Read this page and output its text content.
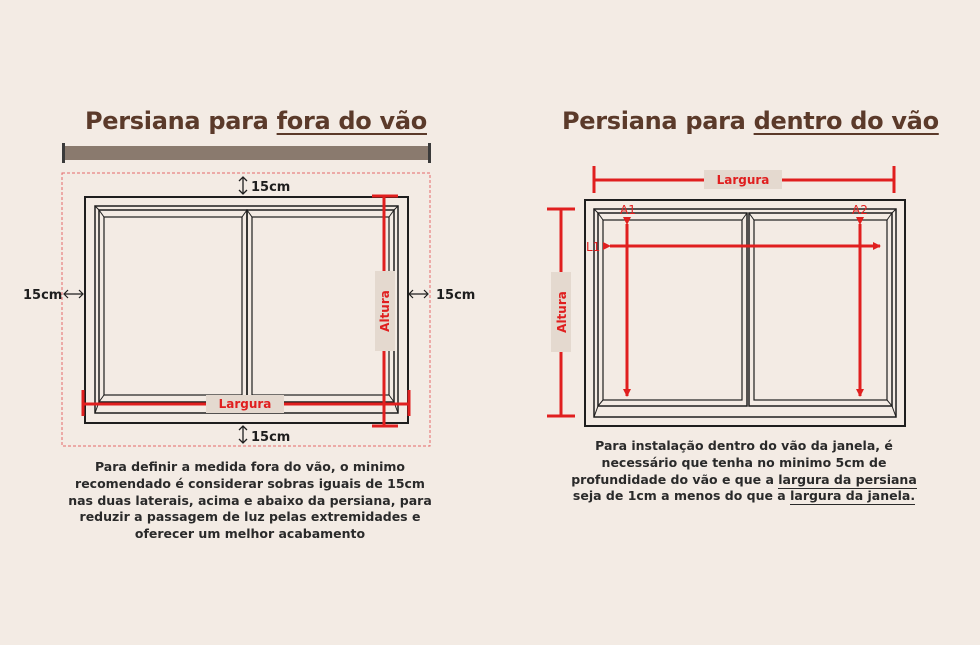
Persiana para fora do vão	Persiana para dentro do vão
Largura
Altura
15cm
15cm
15cm	15cm
Largura
Altura
A1	A2
L1

Para definir a medida fora do vão, o minimo recomendado é considerar sobras iguais de 15cm nas duas laterais, acima e abaixo da persiana, para reduzir a passagem de luz pelas extremidades e oferecer um melhor acabamento

Para instalação dentro do vão da janela, é necessário que tenha no minimo 5cm de profundidade do vão e que a largura da persiana seja de 1cm a menos do que a largura da janela.
